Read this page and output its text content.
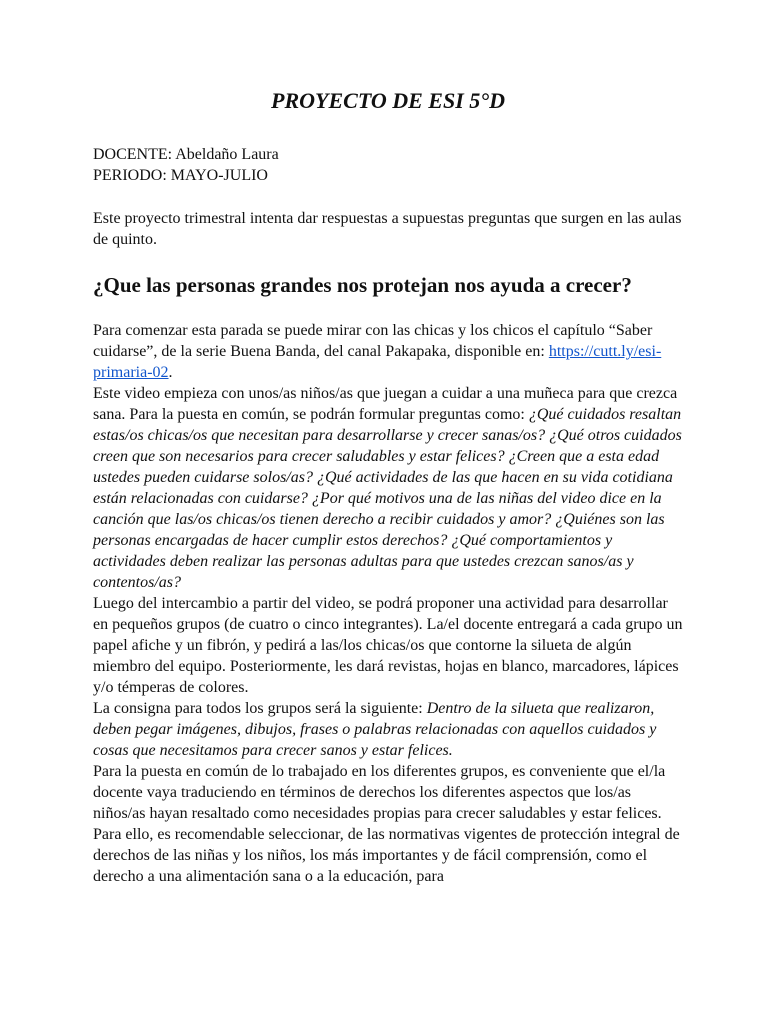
PROYECTO DE ESI 5°D

DOCENTE: Abeldaño Laura

PERIODO: MAYO-JULIO

Este proyecto trimestral intenta dar respuestas a supuestas preguntas que surgen en las aulas de quinto.

¿Que las personas grandes nos protejan nos ayuda a crecer?

Para comenzar esta parada se puede mirar con las chicas y los chicos el capítulo “Saber cuidarse”, de la serie Buena Banda, del canal Pakapaka, disponible en: https://cutt.ly/esi-primaria-02.

Este video empieza con unos/as niños/as que juegan a cuidar a una muñeca para que crezca sana. Para la puesta en común, se podrán formular preguntas como: ¿Qué cuidados resaltan estas/os chicas/os que necesitan para desarrollarse y crecer sanas/os? ¿Qué otros cuidados creen que son necesarios para crecer saludables y estar felices? ¿Creen que a esta edad ustedes pueden cuidarse solos/as? ¿Qué actividades de las que hacen en su vida cotidiana están relacionadas con cuidarse? ¿Por qué motivos una de las niñas del video dice en la canción que las/os chicas/os tienen derecho a recibir cuidados y amor? ¿Quiénes son las personas encargadas de hacer cumplir estos derechos? ¿Qué comportamientos y actividades deben realizar las personas adultas para que ustedes crezcan sanos/as y contentos/as?

Luego del intercambio a partir del video, se podrá proponer una actividad para desarrollar

en pequeños grupos (de cuatro o cinco integrantes). La/el docente entregará a cada grupo un papel afiche y un fibrón, y pedirá a las/los chicas/os que contorne la silueta de algún miembro del equipo. Posteriormente, les dará revistas, hojas en blanco, marcadores, lápices y/o témperas de colores.

La consigna para todos los grupos será la siguiente: Dentro de la silueta que realizaron, deben pegar imágenes, dibujos, frases o palabras relacionadas con aquellos cuidados y cosas que necesitamos para crecer sanos y estar felices.

Para la puesta en común de lo trabajado en los diferentes grupos, es conveniente que el/la

docente vaya traduciendo en términos de derechos los diferentes aspectos que los/as niños/as hayan resaltado como necesidades propias para crecer saludables y estar felices. Para ello, es recomendable seleccionar, de las normativas vigentes de protección integral de derechos de las niñas y los niños, los más importantes y de fácil comprensión, como el derecho a una alimentación sana o a la educación, para
